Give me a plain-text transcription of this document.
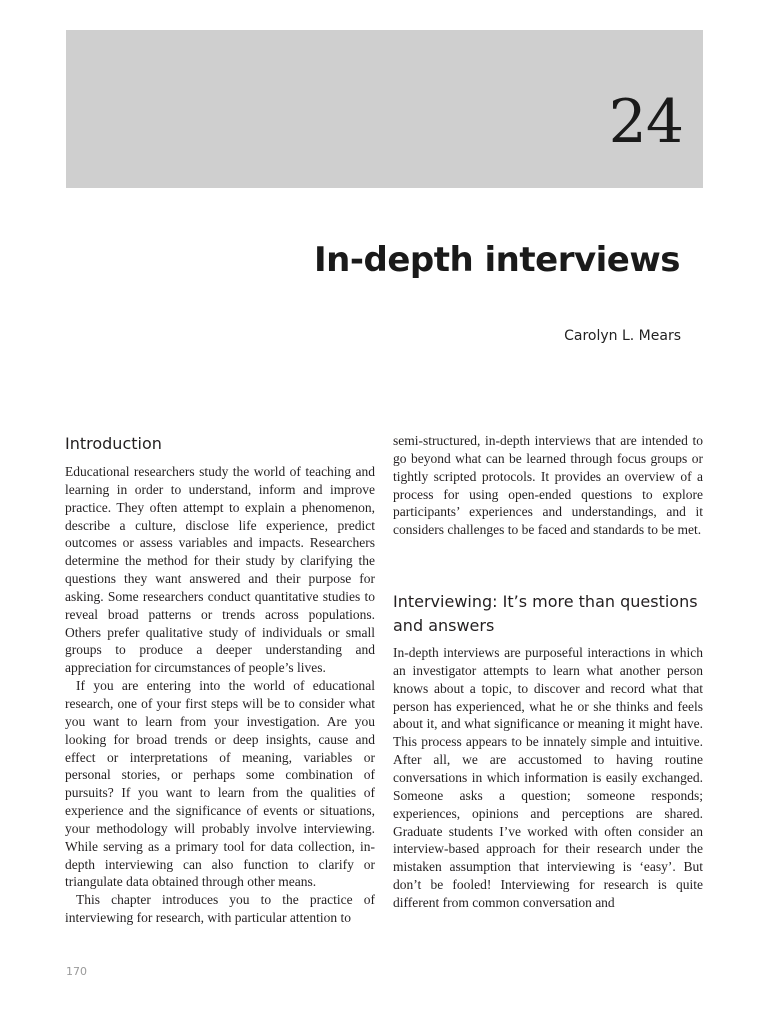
24
In-depth interviews
Carolyn L. Mears
Introduction

Educational researchers study the world of teaching and learning in order to understand, inform and improve practice. They often attempt to explain a phenomenon, describe a culture, disclose life experience, predict outcomes or assess variables and impacts. Researchers determine the method for their study by clarifying the questions they want answered and their purpose for asking. Some researchers conduct quantitative studies to reveal broad patterns or trends across populations. Others prefer qualitative study of individuals or small groups to produce a deeper understanding and appreciation for circumstances of people’s lives.

If you are entering into the world of educational research, one of your first steps will be to consider what you want to learn from your investigation. Are you looking for broad trends or deep insights, cause and effect or interpretations of meaning, variables or personal stories, or perhaps some combination of pursuits? If you want to learn from the qualities of experience and the significance of events or situations, your methodology will probably involve interviewing. While serving as a primary tool for data collection, in-depth interviewing can also function to clarify or triangulate data obtained through other means.

This chapter introduces you to the practice of interviewing for research, with particular attention to

semi-structured, in-depth interviews that are intended to go beyond what can be learned through focus groups or tightly scripted protocols. It provides an overview of a process for using open-ended questions to explore participants’ experiences and understandings, and it considers challenges to be faced and standards to be met.

Interviewing: It’s more than questions and answers

In-depth interviews are purposeful interactions in which an investigator attempts to learn what another person knows about a topic, to discover and record what that person has experienced, what he or she thinks and feels about it, and what significance or meaning it might have. This process appears to be innately simple and intuitive. After all, we are accustomed to having routine conversations in which information is easily exchanged. Someone asks a question; someone responds; experiences, opinions and perceptions are shared. Graduate students I’ve worked with often consider an interview-based approach for their research under the mistaken assumption that interviewing is ‘easy’. But don’t be fooled! Interviewing for research is quite different from common conversation and

170
